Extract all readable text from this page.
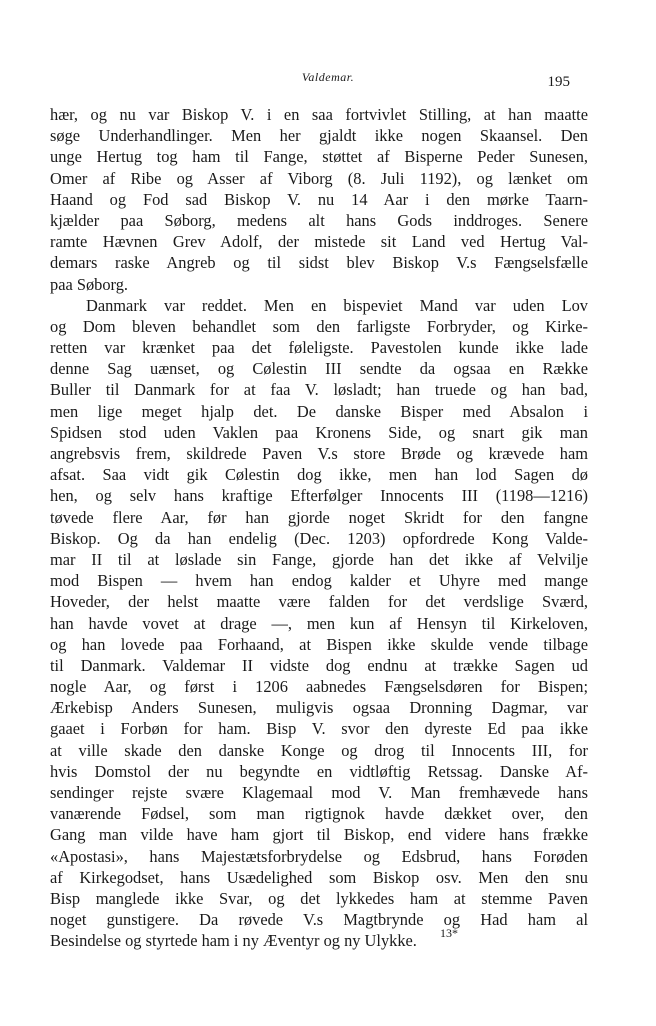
Valdemar.	195
hær, og nu var Biskop V. i en saa fortvivlet Stilling, at han maatte
søge Underhandlinger. Men her gjaldt ikke nogen Skaansel. Den
unge Hertug tog ham til Fange, støttet af Bisperne Peder Sunesen,
Omer af Ribe og Asser af Viborg (8. Juli 1192), og lænket om
Haand og Fod sad Biskop V. nu 14 Aar i den mørke Taarn-
kjælder paa Søborg, medens alt hans Gods inddroges. Senere
ramte Hævnen Grev Adolf, der mistede sit Land ved Hertug Val-
demars raske Angreb og til sidst blev Biskop V.s Fængselsfælle
paa Søborg.
Danmark var reddet. Men en bispeviet Mand var uden Lov
og Dom bleven behandlet som den farligste Forbryder, og Kirke-
retten var krænket paa det føleligste. Pavestolen kunde ikke lade
denne Sag uænset, og Cølestin III sendte da ogsaa en Række
Buller til Danmark for at faa V. løsladt; han truede og han bad,
men lige meget hjalp det. De danske Bisper med Absalon i
Spidsen stod uden Vaklen paa Kronens Side, og snart gik man
angrebsvis frem, skildrede Paven V.s store Brøde og krævede ham
afsat. Saa vidt gik Cølestin dog ikke, men han lod Sagen dø
hen, og selv hans kraftige Efterfølger Innocents III (1198—1216)
tøvede flere Aar, før han gjorde noget Skridt for den fangne
Biskop. Og da han endelig (Dec. 1203) opfordrede Kong Valde-
mar II til at løslade sin Fange, gjorde han det ikke af Velvilje
mod Bispen — hvem han endog kalder et Uhyre med mange
Hoveder, der helst maatte være falden for det verdslige Sværd,
han havde vovet at drage —, men kun af Hensyn til Kirkeloven,
og han lovede paa Forhaand, at Bispen ikke skulde vende tilbage
til Danmark. Valdemar II vidste dog endnu at trække Sagen ud
nogle Aar, og først i 1206 aabnedes Fængselsdøren for Bispen;
Ærkebisp Anders Sunesen, muligvis ogsaa Dronning Dagmar, var
gaaet i Forbøn for ham. Bisp V. svor den dyreste Ed paa ikke
at ville skade den danske Konge og drog til Innocents III, for
hvis Domstol der nu begyndte en vidtløftig Retssag. Danske Af-
sendinger rejste svære Klagemaal mod V. Man fremhævede hans
vanærende Fødsel, som man rigtignok havde dækket over, den
Gang man vilde have ham gjort til Biskop, end videre hans frække
«Apostasi», hans Majestætsforbrydelse og Edsbrud, hans Forøden
af Kirkegodset, hans Usædelighed som Biskop osv. Men den snu
Bisp manglede ikke Svar, og det lykkedes ham at stemme Paven
noget gunstigere. Da røvede V.s Magtbrynde og Had ham al
Besindelse og styrtede ham i ny Æventyr og ny Ulykke.	13*
